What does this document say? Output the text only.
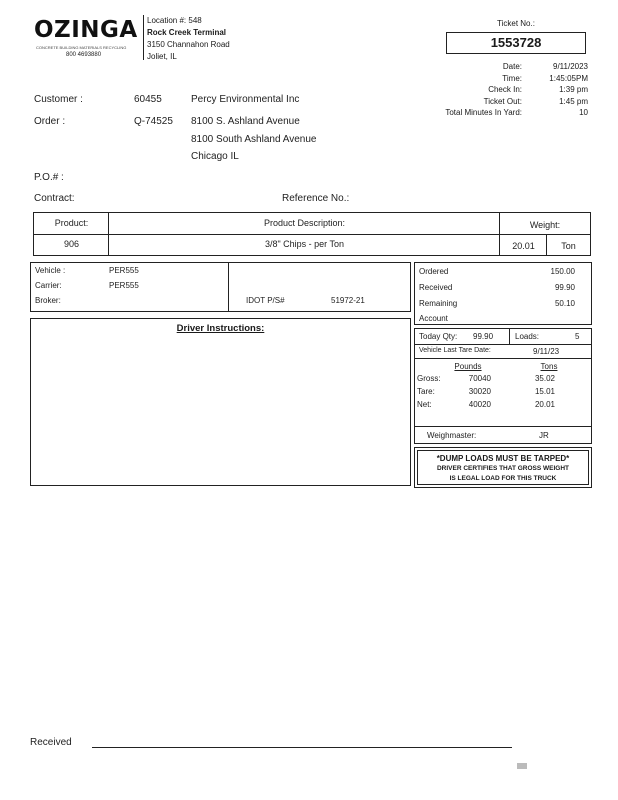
OZINGA
CONCRETE BUILDING MATERIALS RECYCLING
800 4693880
Location #: 548
Rock Creek Terminal
3150 Channahon Road
Joliet, IL
Ticket No.:
1553728
Date:	9/11/2023
Time:	1:45:05PM
Check In:	1:39 pm
Ticket Out:	1:45 pm
Total Minutes In Yard:	10
Customer :	60455	Percy Environmental Inc
Order :	Q-74525 8100 S. Ashland Avenue
8100 South Ashland Avenue
Chicago IL
P.O.# :
Contract:	Reference No.:
Product:	Product Description:	Weight:
906	3/8" Chips - per Ton	20.01	Ton
Vehicle :	PER555
Carrier:	PER555
Broker:	IDOT P/S#	51972-21
Driver Instructions:
Ordered	150.00
Received	99.90
Remaining	50.10
Account
Today Qty: 99.90	Loads:	5
Vehicle Last Tare Date:	9/11/23
Pounds	Tons
Gross:	70040	35.02
Tare:	30020	15.01
Net:	40020	20.01
Weighmaster:	JR
*DUMP LOADS MUST BE TARPED*
DRIVER CERTIFIES THAT GROSS WEIGHT
IS LEGAL LOAD FOR THIS TRUCK
Received
